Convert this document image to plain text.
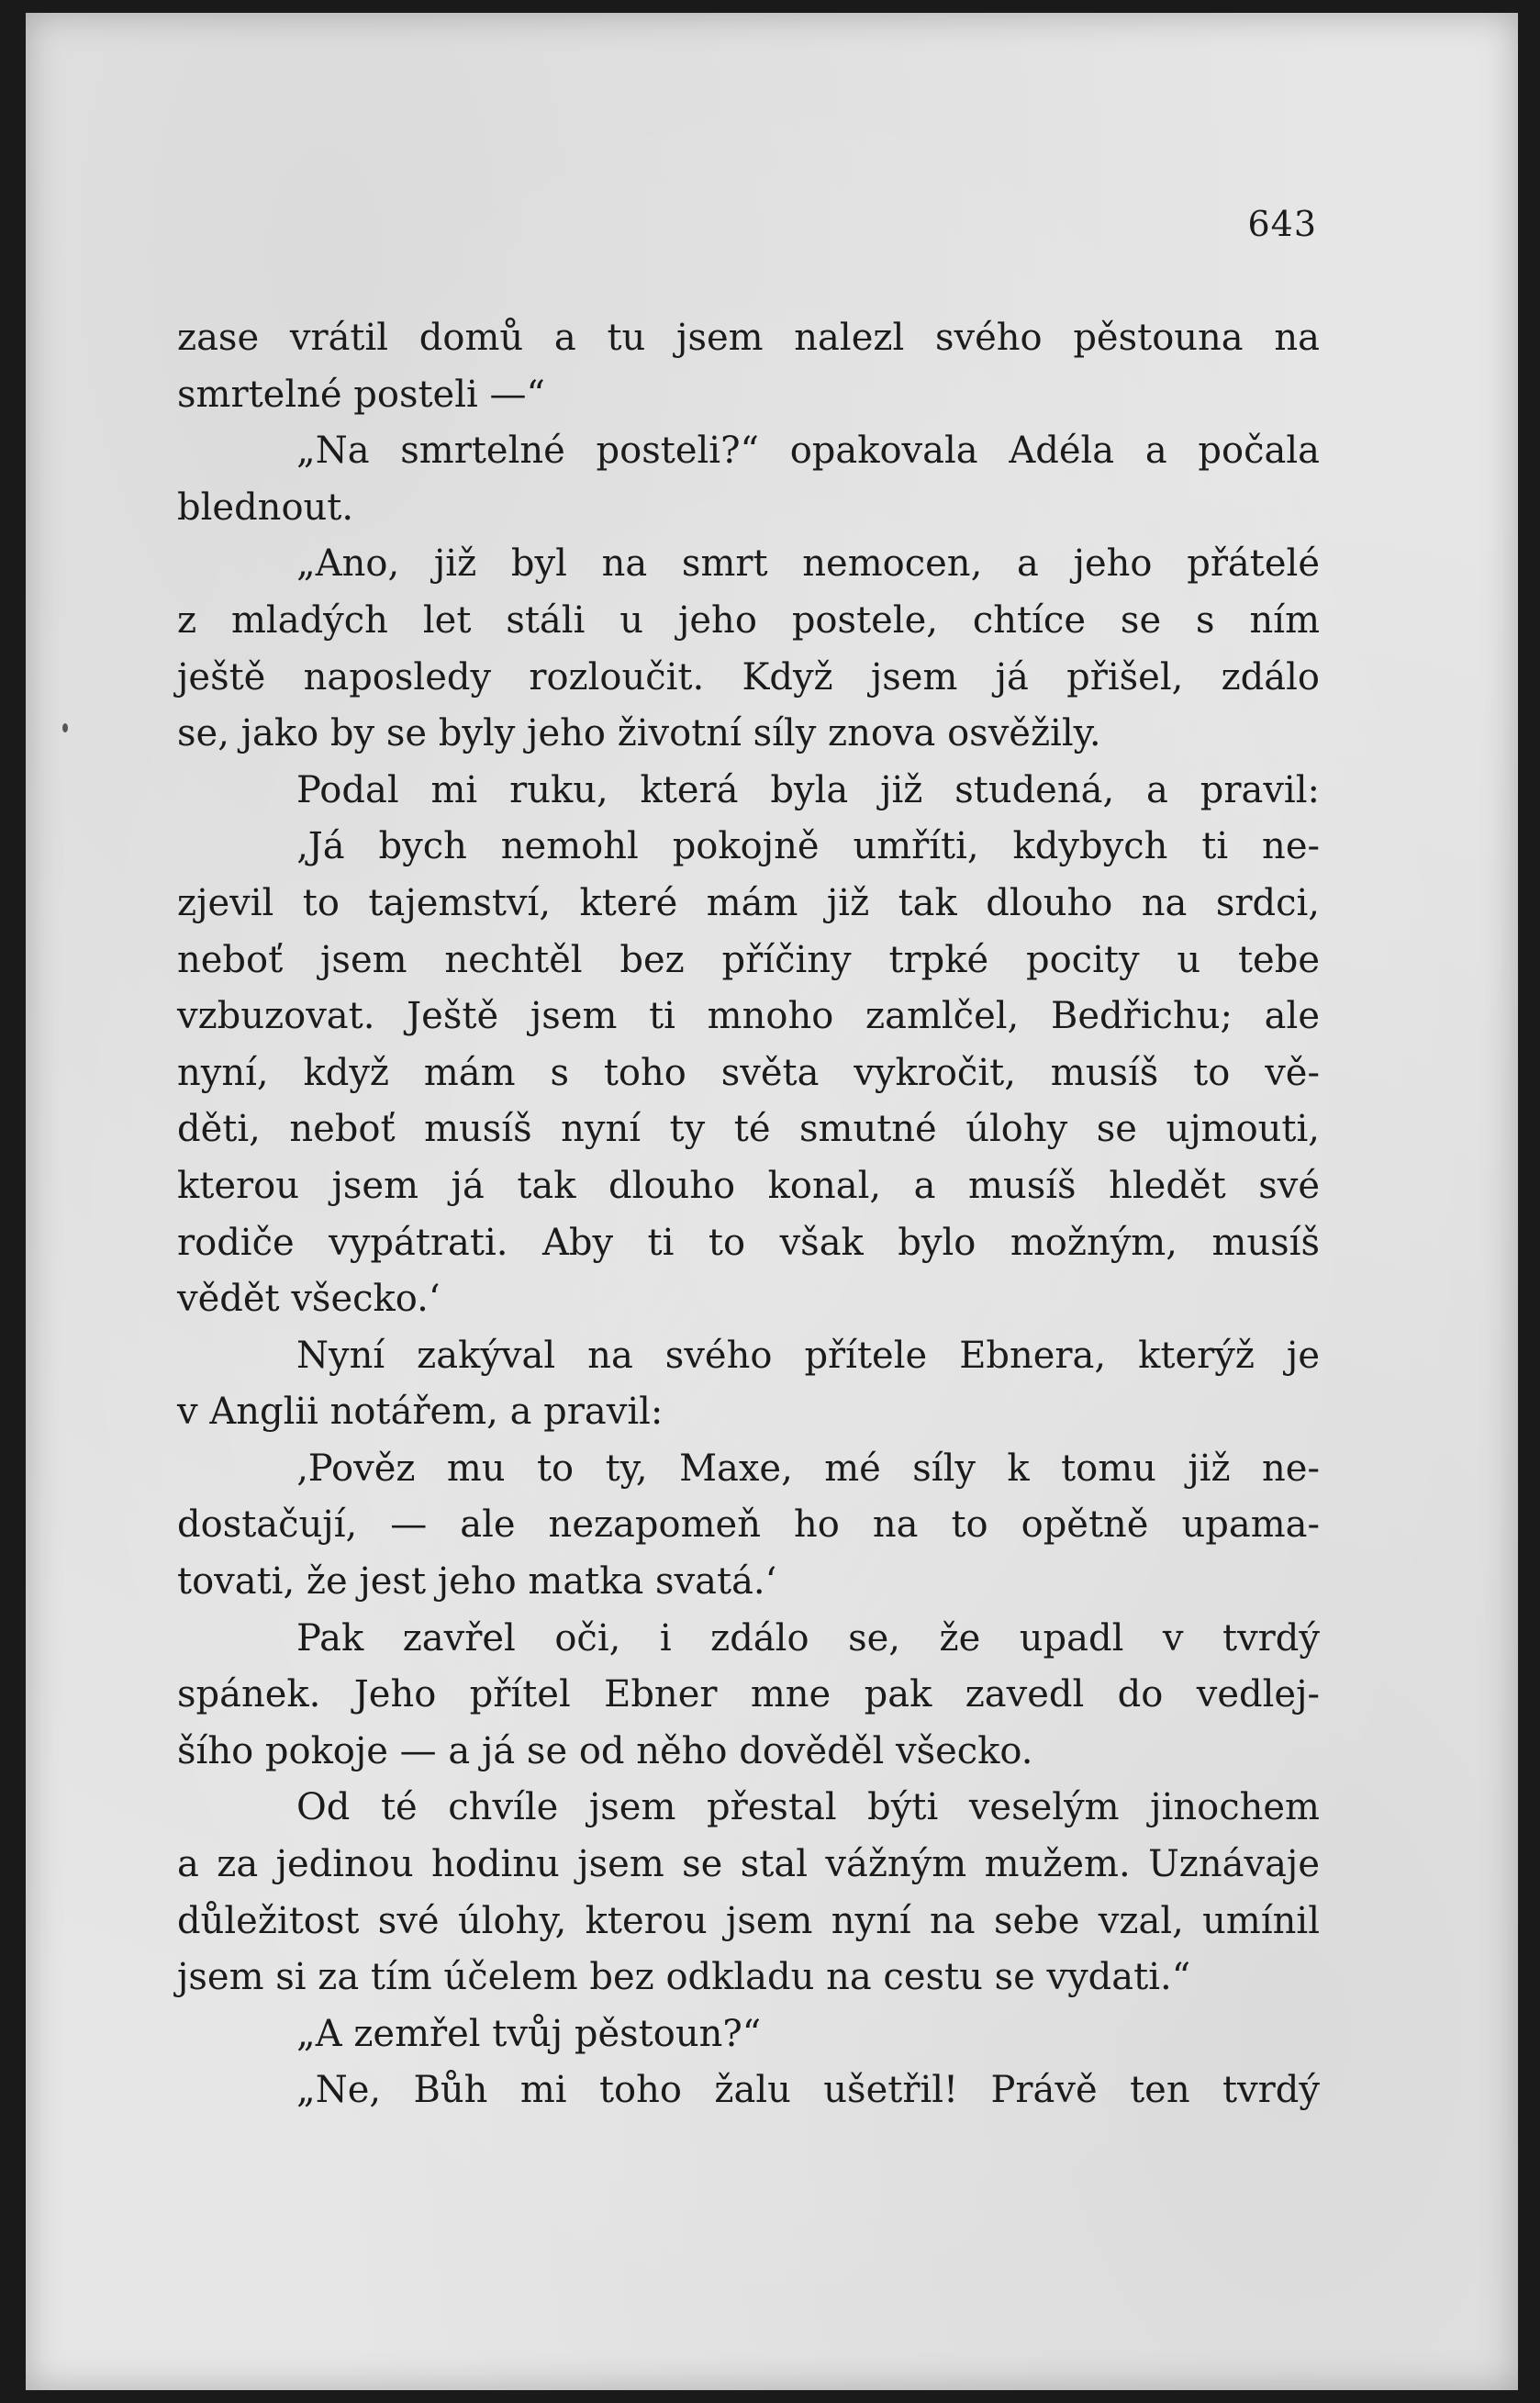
643
zase vrátil domů a tu jsem nalezl svého pěstouna na
smrtelné posteli —“
„Na smrtelné posteli?“ opakovala Adéla a počala
blednout.
„Ano, již byl na smrt nemocen, a jeho přátelé
z mladých let stáli u jeho postele, chtíce se s ním
ještě naposledy rozloučit. Když jsem já přišel, zdálo
se, jako by se byly jeho životní síly znova osvěžily.
Podal mi ruku, která byla již studená, a pravil:
‚Já bych nemohl pokojně umříti, kdybych ti ne-
zjevil to tajemství, které mám již tak dlouho na srdci,
neboť jsem nechtěl bez příčiny trpké pocity u tebe
vzbuzovat. Ještě jsem ti mnoho zamlčel, Bedřichu; ale
nyní, když mám s toho světa vykročit, musíš to vě-
děti, neboť musíš nyní ty té smutné úlohy se ujmouti,
kterou jsem já tak dlouho konal, a musíš hledět své
rodiče vypátrati. Aby ti to však bylo možným, musíš
vědět všecko.‘
Nyní zakýval na svého přítele Ebnera, kterýž je
v Anglii notářem, a pravil:
‚Pověz mu to ty, Maxe, mé síly k tomu již ne-
dostačují, — ale nezapomeň ho na to opětně upama-
tovati, že jest jeho matka svatá.‘
Pak zavřel oči, i zdálo se, že upadl v tvrdý
spánek. Jeho přítel Ebner mne pak zavedl do vedlej-
šího pokoje — a já se od něho dověděl všecko.
Od té chvíle jsem přestal býti veselým jinochem
a za jedinou hodinu jsem se stal vážným mužem. Uznávaje
důležitost své úlohy, kterou jsem nyní na sebe vzal, umínil
jsem si za tím účelem bez odkladu na cestu se vydati.“
„A zemřel tvůj pěstoun?“
„Ne, Bůh mi toho žalu ušetřil! Právě ten tvrdý
